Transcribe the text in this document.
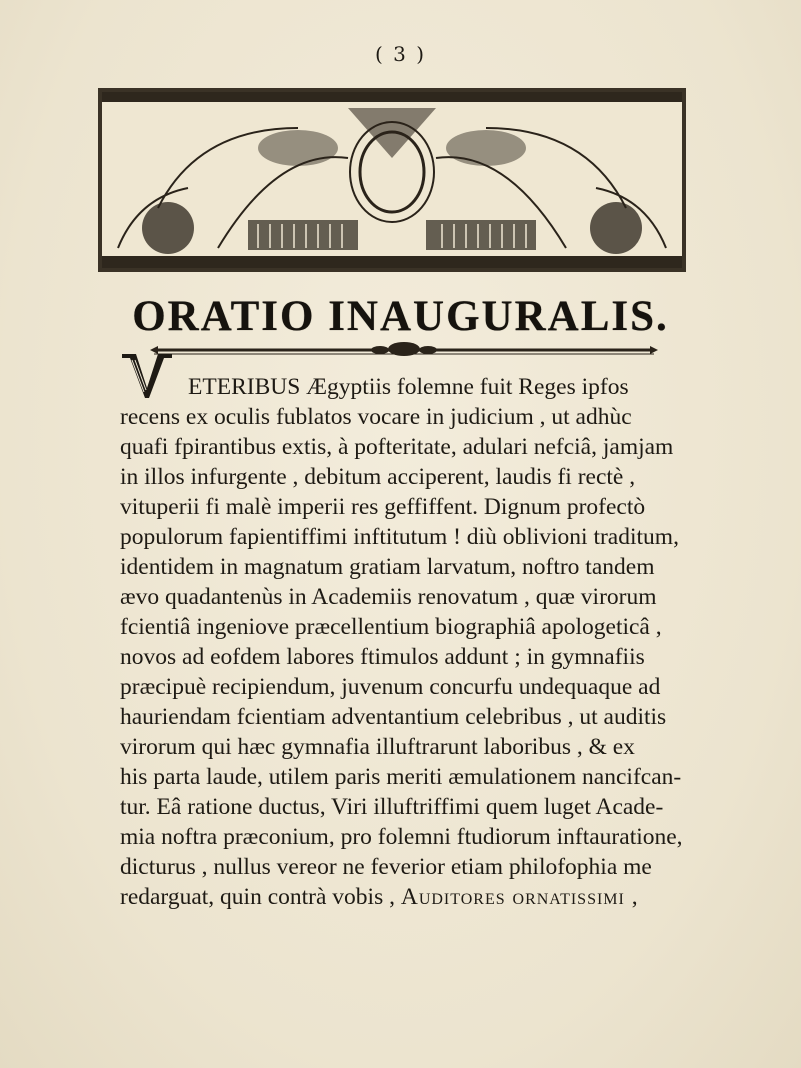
( 3 )
ORATIO INAUGURALIS.
ETERIBUS Ægyptiis folemne fuit Reges ipfos
recens ex oculis fublatos vocare in judicium , ut adhùc
quafi fpirantibus extis, à pofteritate, adulari nefciâ, jamjam
in illos infurgente , debitum acciperent, laudis fi rectè ,
vituperii fi malè imperii res geffiffent. Dignum profectò
populorum fapientiffimi inftitutum ! diù oblivioni traditum,
identidem in magnatum gratiam larvatum, noftro tandem
ævo quadantenùs in Academiis renovatum , quæ virorum
fcientiâ ingeniove præcellentium biographiâ apologeticâ ,
novos ad eofdem labores ftimulos addunt ; in gymnafiis
præcipuè recipiendum, juvenum concurfu undequaque ad
hauriendam fcientiam adventantium celebribus , ut auditis
virorum qui hæc gymnafia illuftrarunt laboribus , & ex
his parta laude, utilem paris meriti æmulationem nancifcan-
tur. Eâ ratione ductus, Viri illuftriffimi quem luget Acade-
mia noftra præconium, pro folemni ftudiorum inftauratione,
dicturus , nullus vereor ne feverior etiam philofophia me
redarguat, quin contrà vobis , Auditores ornatissimi ,
